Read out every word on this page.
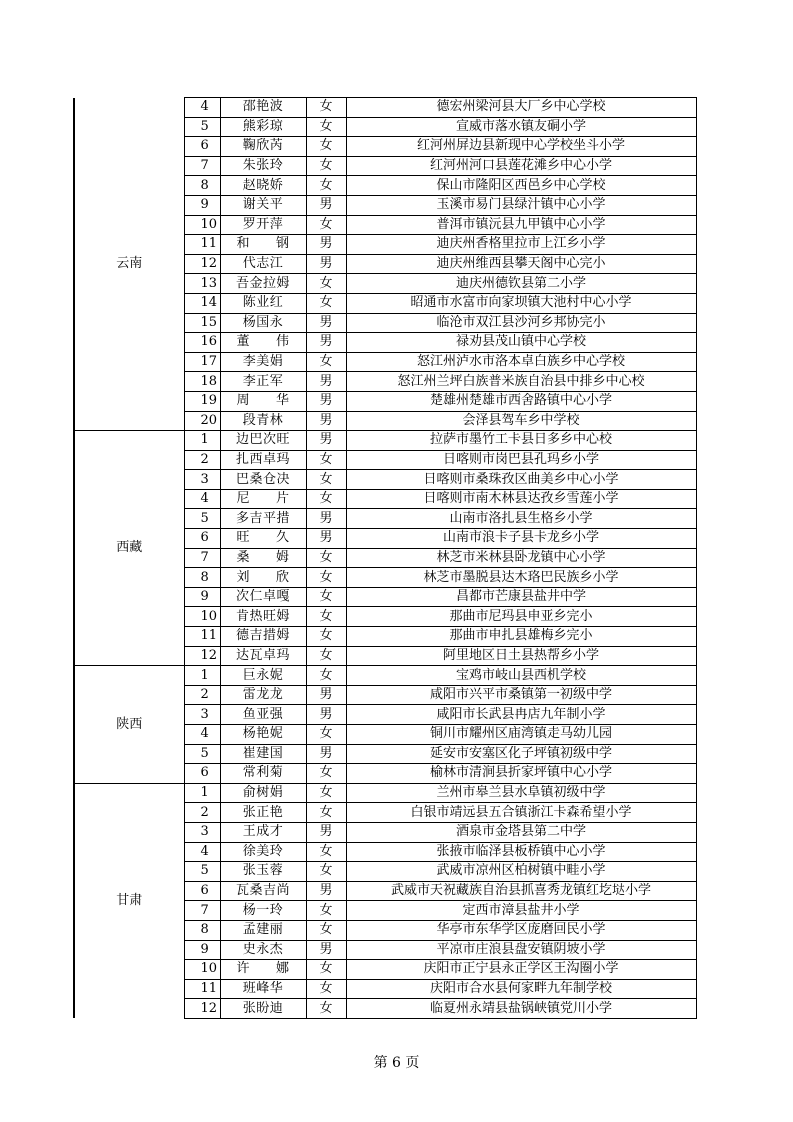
云南	4	邵艳波	女	德宏州梁河县大厂乡中心学校
	5	熊彩琼	女	宣威市落水镇友硐小学
	6	鞠欣芮	女	红河州屏边县新现中心学校坐斗小学
	7	朱张玲	女	红河州河口县莲花滩乡中心小学
	8	赵晓娇	女	保山市隆阳区西邑乡中心学校
	9	谢关平	男	玉溪市易门县绿汁镇中心小学
	10	罗开萍	女	普洱市镇沅县九甲镇中心小学
	11	和　钢	男	迪庆州香格里拉市上江乡小学
	12	代志江	男	迪庆州维西县攀天阁中心完小
	13	吾金拉姆	女	迪庆州德钦县第二小学
	14	陈业红	女	昭通市水富市向家坝镇大池村中心小学
	15	杨国永	男	临沧市双江县沙河乡邦协完小
	16	董　伟	男	禄劝县茂山镇中心学校
	17	李美娟	女	怒江州泸水市洛本卓白族乡中心学校
	18	李正军	男	怒江州兰坪白族普米族自治县中排乡中心校
	19	周　华	男	楚雄州楚雄市西舍路镇中心小学
	20	段青林	男	会泽县驾车乡中学校
西藏	1	边巴次旺	男	拉萨市墨竹工卡县日多乡中心校
	2	扎西卓玛	女	日喀则市岗巴县孔玛乡小学
	3	巴桑仓决	女	日喀则市桑珠孜区曲美乡中心小学
	4	尼　片	女	日喀则市南木林县达孜乡雪莲小学
	5	多吉平措	男	山南市洛扎县生格乡小学
	6	旺　久	男	山南市浪卡子县卡龙乡小学
	7	桑　姆	女	林芝市米林县卧龙镇中心小学
	8	刘　欣	女	林芝市墨脱县达木珞巴民族乡小学
	9	次仁卓嘎	女	昌都市芒康县盐井中学
	10	肯热旺姆	女	那曲市尼玛县申亚乡完小
	11	德吉措姆	女	那曲市申扎县雄梅乡完小
	12	达瓦卓玛	女	阿里地区日土县热帮乡小学
陕西	1	巨永妮	女	宝鸡市岐山县西机学校
	2	雷龙龙	男	咸阳市兴平市桑镇第一初级中学
	3	鱼亚强	男	咸阳市长武县冉店九年制小学
	4	杨艳妮	女	铜川市耀州区庙湾镇走马幼儿园
	5	崔建国	男	延安市安塞区化子坪镇初级中学
	6	常利菊	女	榆林市清涧县折家坪镇中心小学
甘肃	1	俞树娟	女	兰州市皋兰县水阜镇初级中学
	2	张正艳	女	白银市靖远县五合镇浙江卡森希望小学
	3	王成才	男	酒泉市金塔县第二中学
	4	徐美玲	女	张掖市临泽县板桥镇中心小学
	5	张玉蓉	女	武威市凉州区柏树镇中畦小学
	6	瓦桑吉尚	男	武威市天祝藏族自治县抓喜秀龙镇红圪垯小学
	7	杨一玲	女	定西市漳县盐井小学
	8	孟建丽	女	华亭市东华学区庞磨回民小学
	9	史永杰	男	平凉市庄浪县盘安镇阴坡小学
	10	许　娜	女	庆阳市正宁县永正学区王沟圈小学
	11	班峰华	女	庆阳市合水县何家畔九年制学校
	12	张盼迪	女	临夏州永靖县盐锅峡镇党川小学
第 6 页
